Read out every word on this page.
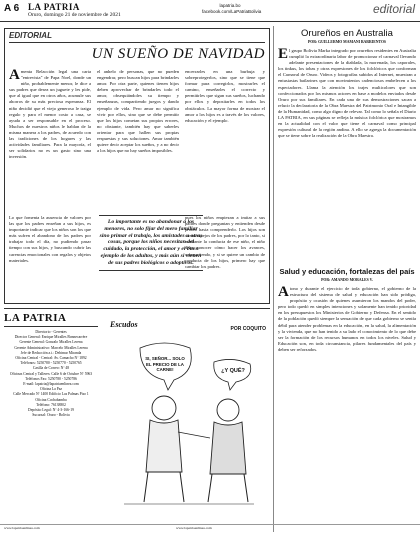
A 6 LA PATRIA
Oruro, domingo 21 de noviembre de 2021
lapatria.bo
facebook.com/LaPatriaBolivia	editorial
EDITORIAL
UN SUEÑO DE NAVIDAD
Amenta Relacción legal una carta "entrevista" de Papa Noel, donde un niño, probablemente menor, le dice a sus padres que desea un juguete y les pide, que al igual que en otros años, acumule sus ahorros de su más preciosa esperanza. El niño decidió que el viejo generoso le traiga regalo y para el menor costo a casa, se ayuda a ser responsable en el proceso. Muchos de nuestros niños le hablan de la misma manera a los padres, de acuerdo con las tradiciones de los hogares y las actividades familiares. Para la mayoría, el ser solidarios no es un gasto sino una inversión.
el anhelo de personas, que no pueden engendrar, pero buscan hijos para brindarles amor. Por otra parte, quienes tienen hijos deben aprovechar de brindarles todo el amor, obsequiándoles su tiempo y enseñanzas, compartiendo juegos y dando ejemplo de vida. Pero amar no significa vivir por ellos, sino que se debe permitir que los hijos cometan sus propios errores, no obstante, también hay que saberles orientar para que hallen sus propias respuestas y sus soluciones. Amar también quiere decir aceptar los sueños, y a no decir a los hijos que no hay sueños imposibles.
encerrarles en una burbuja y sobreprotegerlos, sino que se tiene que formar para corregirlos, mostrarles el camino, enseñarles el correcto y permitirles que sigan sus sueños, luchando por ellos y depositarles en todos los obstáculos. La mayor forma de mostrar el amor a los hijos es a través de los valores, educación y el ejemplo.
Lo importante es no abandonar a los menores, no solo fijar del mero familiar sino primar el trabajo, los amistades u otras cosas, porque los niños necesitan del cuidado, la protección, el amor y el buen ejemplo de los adultos, y más aún si vienen de sus padres biológicos o adoptivos.
Lo que fomenta la ausencia de valores por las que los padres enseñan a sus hijos, es importante indicar que los niños son los que más sufren el abandono de los padres por trabajar todo el día, no pudiendo pasar tiempo con sus hijos, y buscando cubrir las carencias emocionales con regalos y objetos materiales.
pues los niños empiezan a imitar a sus padres donde preguntan y entienden desde pronto hasta comprenderlo. Los hijos son como espejos de los padres, por lo tanto, si mediante la conducta de ese niño, el niño debe conocer cómo hacer los avances, compartiendo, y si se quiere un cambio de conducta de los hijos, primero hay que cambiar los padres.
Orureños en Australia
POR: GUILLERMO MAMANI BARRIENTOS
El grupo Bolivia Marka integrado por orureños residentes en Australia cumplió la extraordinaria labor de promocionar el carnaval llevando adelante presentaciones de la diablada, la morenada, los caporales, los tinkus, los tobas y otras expresiones de los folclóricos que conforman el Carnaval de Oruro. Videos y fotografías subidos al Internet, muestran a entusiastas bailarines que con movimientos cadenciosos embelecen a los espectadores. Llama la atención los trajes multicolores que son confeccionados por los mismos actores en base a modelos enviados desde Oruro por sus familiares. En cada una de sus demostraciones sacan a relucir la declaratoria de la Obra Maestra del Patrimonio Oral e Intangible de la Humanidad, como algo digno de relevar. Tal como lo señala el Diario LA PATRIA, en sus páginas se refleja la música folclórica que mostramos en la actualidad con el valor que tiene el carnaval como principal expresión cultural de la región andina. A ello se agrega la documentación que se tiene sobre la realización de la Obra Maestra.
Salud y educación, fortalezas del país
POR: AMANDO MORALES V.
Atono y durante el ejercicio de toda gobierno, el gobierno de la estructura del sistema de salud y educación han sido pródiga, propósito y ocasión de quienes asumieron los mandos del poder, pero todo quedó en simples intenciones y solamente han tenido prioridad en los presupuestos los Ministerios de Gobierno y Defensa. En el sentido de la población quedó siempre la sensación de que cada gobierno se sentía débil para atender problemas en la educación, en la salud, la alimentación y la vivienda, que no han tenido a su lado el conocimiento de lo que debe ser la formación de los recursos humanos en todos los niveles. Salud y Educación son, en toda circunstancia, pilares fundamentales del país y deben ser reforzados.
LA PATRIA
Directorio - Gerentes
Director General: Enrique Miralles Bonnecarrère
Gerente General: Gonzalo Miralles Lerena
Gerente Administrativo: Marcelo Miralles Lerena
Jefe de Redacción a.i.: Dehimar Miranda
Oficina Central - Central: Av. Camacho Nº 1892
Teléfonos: 5250780 - 5250770 - 5250765
Casilla de Correo: Nº 48
Oficinas Central y Talleres: Calle 6 de Octubre Nº 5963
Teléfonos Fax: 5250780 - 5250786
E-mail: lapatria@lapatriaenlinea.com
Oficina La Paz
Calle Mercado Nº 1400 Edificio Las Palmas Piso 1
Oficina Cochabamba
Teléfono: 76138802
Depósito Legal: Nº 4-3-166-19
Sucursal: Oruro - Bolivia
Escudos	POR COQUITO
SI, SEÑOR... SOLO EL PRECIO DE LA CARNE!	¿Y QUÉ?
www.lapatriaenlinea.com	www.lapatriaenlinea.com
